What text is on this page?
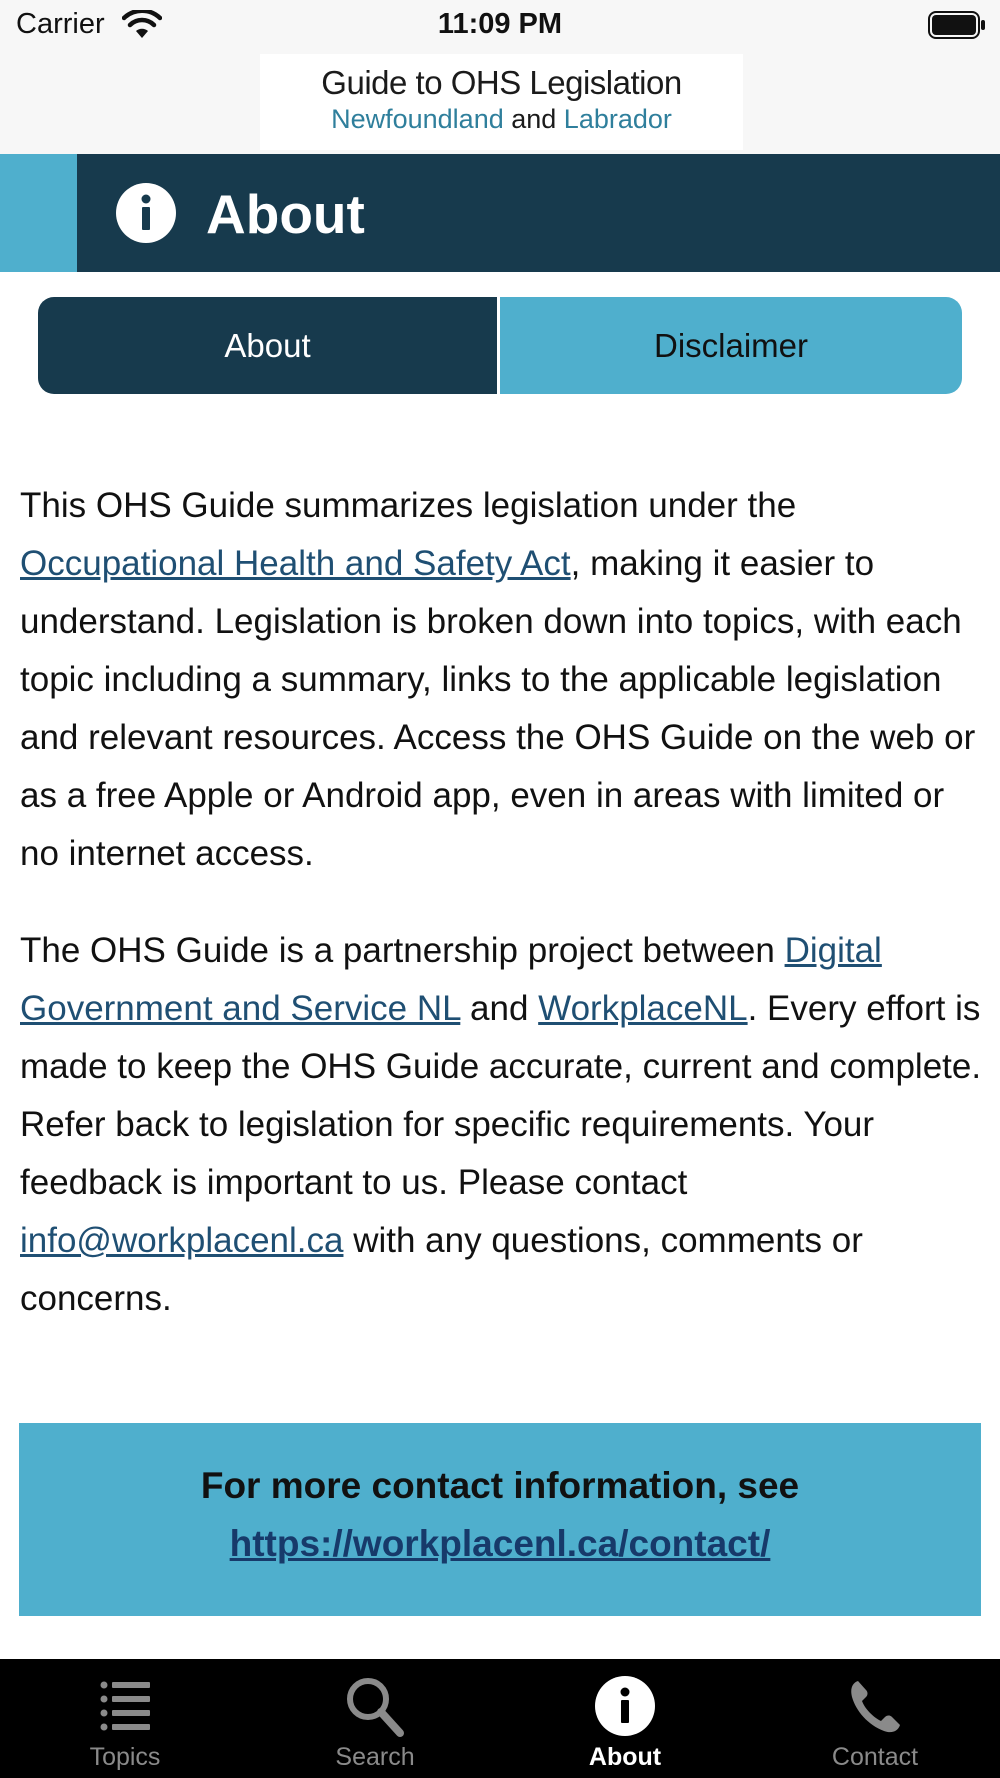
Carrier	11:09 PM
Guide to OHS Legislation
Newfoundland and Labrador
About
About	Disclaimer

This OHS Guide summarizes legislation under the Occupational Health and Safety Act, making it easier to understand. Legislation is broken down into topics, with each topic including a summary, links to the applicable legislation and relevant resources. Access the OHS Guide on the web or as a free Apple or Android app, even in areas with limited or no internet access.

The OHS Guide is a partnership project between Digital Government and Service NL and WorkplaceNL. Every effort is made to keep the OHS Guide accurate, current and complete. Refer back to legislation for specific requirements. Your feedback is important to us. Please contact info@workplacenl.ca with any questions, comments or concerns.

For more contact information, see
https://workplacenl.ca/contact/
Topics	Search	About	Contact
